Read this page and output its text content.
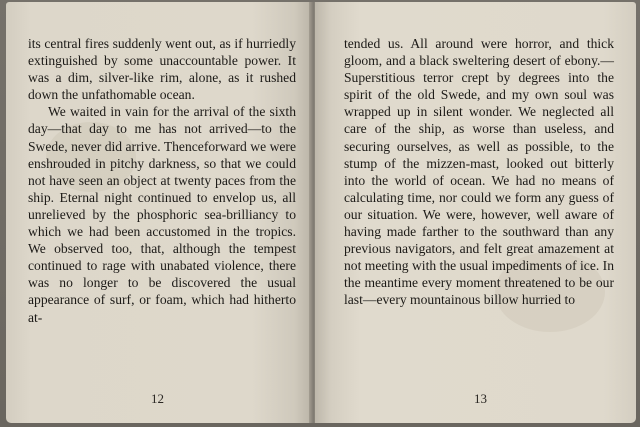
its central fires suddenly went out, as if hurriedly extinguished by some unaccountable power. It was a dim, silver-like rim, alone, as it rushed down the unfathomable ocean.

We waited in vain for the arrival of the sixth day—that day to me has not arrived—to the Swede, never did arrive. Thenceforward we were enshrouded in pitchy darkness, so that we could not have seen an object at twenty paces from the ship. Eternal night continued to envelop us, all unrelieved by the phosphoric sea-brilliancy to which we had been accustomed in the tropics. We observed too, that, although the tempest continued to rage with unabated violence, there was no longer to be discovered the usual appearance of surf, or foam, which had hitherto at-

12

tended us. All around were horror, and thick gloom, and a black sweltering desert of ebony.—Superstitious terror crept by degrees into the spirit of the old Swede, and my own soul was wrapped up in silent wonder. We neglected all care of the ship, as worse than useless, and securing ourselves, as well as possible, to the stump of the mizzen-mast, looked out bitterly into the world of ocean. We had no means of calculating time, nor could we form any guess of our situation. We were, however, well aware of having made farther to the southward than any previous navigators, and felt great amazement at not meeting with the usual impediments of ice. In the meantime every moment threatened to be our last—every mountainous billow hurried to

13
